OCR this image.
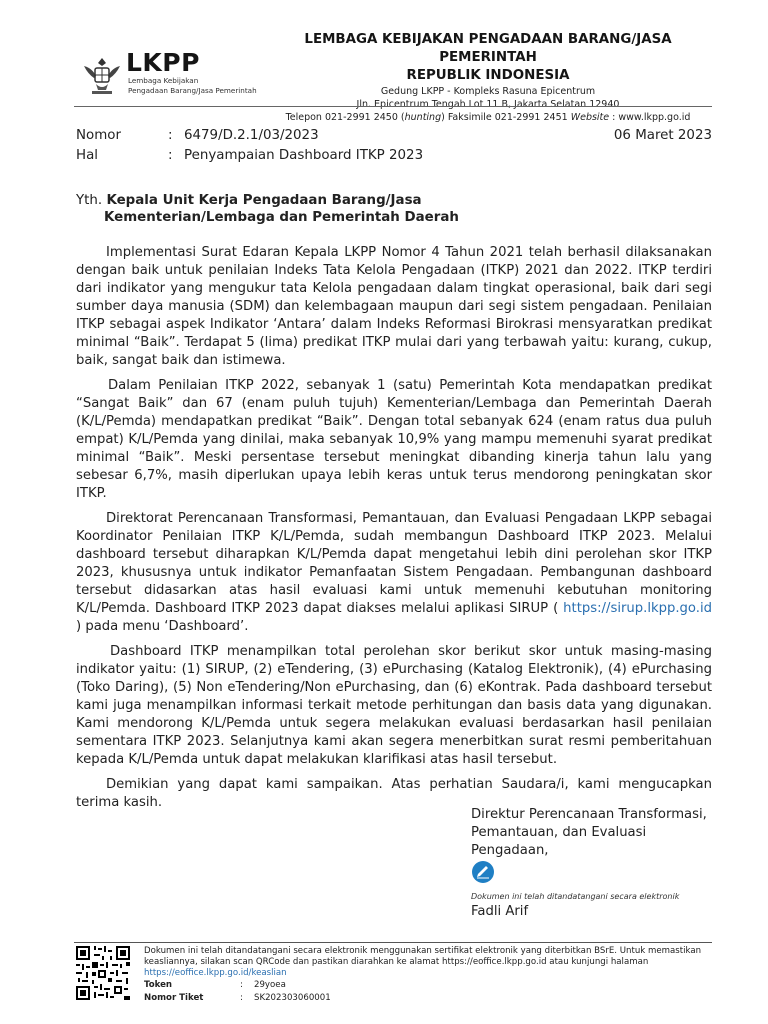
LKPP
Lembaga Kebijakan
Pengadaan Barang/Jasa Pemerintah
LEMBAGA KEBIJAKAN PENGADAAN BARANG/JASA PEMERINTAH
REPUBLIK INDONESIA
Gedung LKPP - Kompleks Rasuna Epicentrum
Jln. Epicentrum Tengah Lot 11 B, Jakarta Selatan 12940
Telepon 021-2991 2450 (hunting) Faksimile 021-2991 2451 Website : www.lkpp.go.id
Nomor	: 6479/D.2.1/03/2023
Hal	: Penyampaian Dashboard ITKP 2023
06 Maret 2023
Yth. Kepala Unit Kerja Pengadaan Barang/Jasa
Kementerian/Lembaga dan Pemerintah Daerah

Implementasi Surat Edaran Kepala LKPP Nomor 4 Tahun 2021 telah berhasil dilaksanakan dengan baik untuk penilaian Indeks Tata Kelola Pengadaan (ITKP) 2021 dan 2022. ITKP terdiri dari indikator yang mengukur tata Kelola pengadaan dalam tingkat operasional, baik dari segi sumber daya manusia (SDM) dan kelembagaan maupun dari segi sistem pengadaan. Penilaian ITKP sebagai aspek Indikator ‘Antara’ dalam Indeks Reformasi Birokrasi mensyaratkan predikat minimal “Baik”. Terdapat 5 (lima) predikat ITKP mulai dari yang terbawah yaitu: kurang, cukup, baik, sangat baik dan istimewa.

Dalam Penilaian ITKP 2022, sebanyak 1 (satu) Pemerintah Kota mendapatkan predikat “Sangat Baik” dan 67 (enam puluh tujuh) Kementerian/Lembaga dan Pemerintah Daerah (K/L/Pemda) mendapatkan predikat “Baik”. Dengan total sebanyak 624 (enam ratus dua puluh empat) K/L/Pemda yang dinilai, maka sebanyak 10,9% yang mampu memenuhi syarat predikat minimal “Baik”. Meski persentase tersebut meningkat dibanding kinerja tahun lalu yang sebesar 6,7%, masih diperlukan upaya lebih keras untuk terus mendorong peningkatan skor ITKP.

Direktorat Perencanaan Transformasi, Pemantauan, dan Evaluasi Pengadaan LKPP sebagai Koordinator Penilaian ITKP K/L/Pemda, sudah membangun Dashboard ITKP 2023. Melalui dashboard tersebut diharapkan K/L/Pemda dapat mengetahui lebih dini perolehan skor ITKP 2023, khususnya untuk indikator Pemanfaatan Sistem Pengadaan. Pembangunan dashboard tersebut didasarkan atas hasil evaluasi kami untuk memenuhi kebutuhan monitoring K/L/Pemda. Dashboard ITKP 2023 dapat diakses melalui aplikasi SIRUP ( https://sirup.lkpp.go.id ) pada menu ‘Dashboard’.

Dashboard ITKP menampilkan total perolehan skor berikut skor untuk masing-masing indikator yaitu: (1) SIRUP, (2) eTendering, (3) ePurchasing (Katalog Elektronik), (4) ePurchasing (Toko Daring), (5) Non eTendering/Non ePurchasing, dan (6) eKontrak. Pada dashboard tersebut kami juga menampilkan informasi terkait metode perhitungan dan basis data yang digunakan. Kami mendorong K/L/Pemda untuk segera melakukan evaluasi berdasarkan hasil penilaian sementara ITKP 2023. Selanjutnya kami akan segera menerbitkan surat resmi pemberitahuan kepada K/L/Pemda untuk dapat melakukan klarifikasi atas hasil tersebut.

Demikian yang dapat kami sampaikan. Atas perhatian Saudara/i, kami mengucapkan terima kasih.

Direktur Perencanaan Transformasi,
Pemantauan, dan Evaluasi
Pengadaan,
Dokumen ini telah ditandatangani secara elektronik
Fadli Arif
Dokumen ini telah ditandatangani secara elektronik menggunakan sertifikat elektronik yang diterbitkan BSrE. Untuk memastikan keasliannya, silakan scan QRCode dan pastikan diarahkan ke alamat https://eoffice.lkpp.go.id atau kunjungi halaman
https://eoffice.lkpp.go.id/keaslian
Token	:	29yoea
Nomor Tiket	:	SK202303060001
